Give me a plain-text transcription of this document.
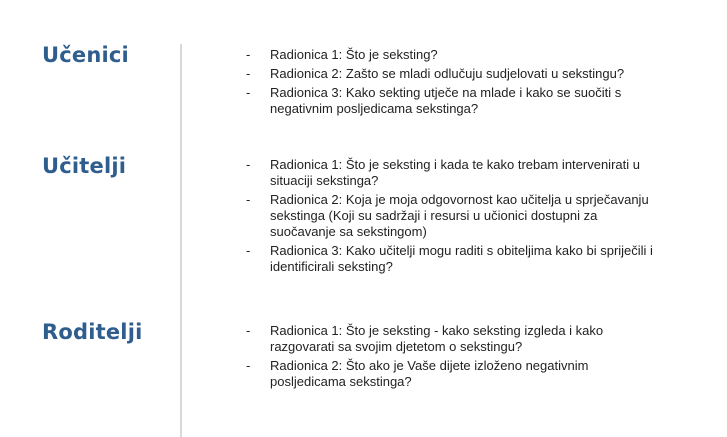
Učenici	-	Radionica 1: Što je seksting?
-	Radionica 2: Zašto se mladi odlučuju sudjelovati u sekstingu?
-	Radionica 3: Kako sekting utječe na mlade i kako se suočiti s negativnim posljedicama sekstinga?
Učitelji	-	Radionica 1: Što je seksting i kada te kako trebam intervenirati u situaciji sekstinga?
-	Radionica 2: Koja je moja odgovornost kao učitelja u sprječavanju sekstinga (Koji su sadržaji i resursi u učionici dostupni za suočavanje sa sekstingom)
-	Radionica 3: Kako učitelji mogu raditi s obiteljima kako bi spriječili i identificirali seksting?
Roditelji	-	Radionica 1: Što je seksting - kako seksting izgleda i kako razgovarati sa svojim djetetom o sekstingu?
-	Radionica 2: Što ako je Vaše dijete izloženo negativnim posljedicama sekstinga?
